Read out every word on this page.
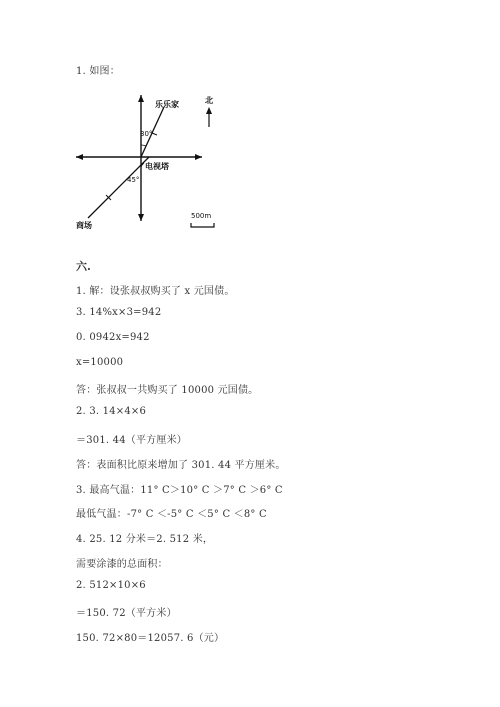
1. 如图：
乐乐家
30°
电视塔
45°
商场
北
500m
六.
1. 解：设张叔叔购买了 x 元国债。
3. 14%x×3=942
0. 0942x=942
x=10000
答：张叔叔一共购买了 10000 元国债。
2. 3. 14×4×6
＝301. 44（平方厘米）
答：表面积比原来增加了 301. 44 平方厘米。
3. 最高气温：11° C＞10° C ＞7° C ＞6° C
最低气温：-7° C ＜-5° C ＜5° C ＜8° C
4. 25. 12 分米＝2. 512 米，
需要涂漆的总面积：
2. 512×10×6
＝150. 72（平方米）
150. 72×80＝12057. 6（元）
